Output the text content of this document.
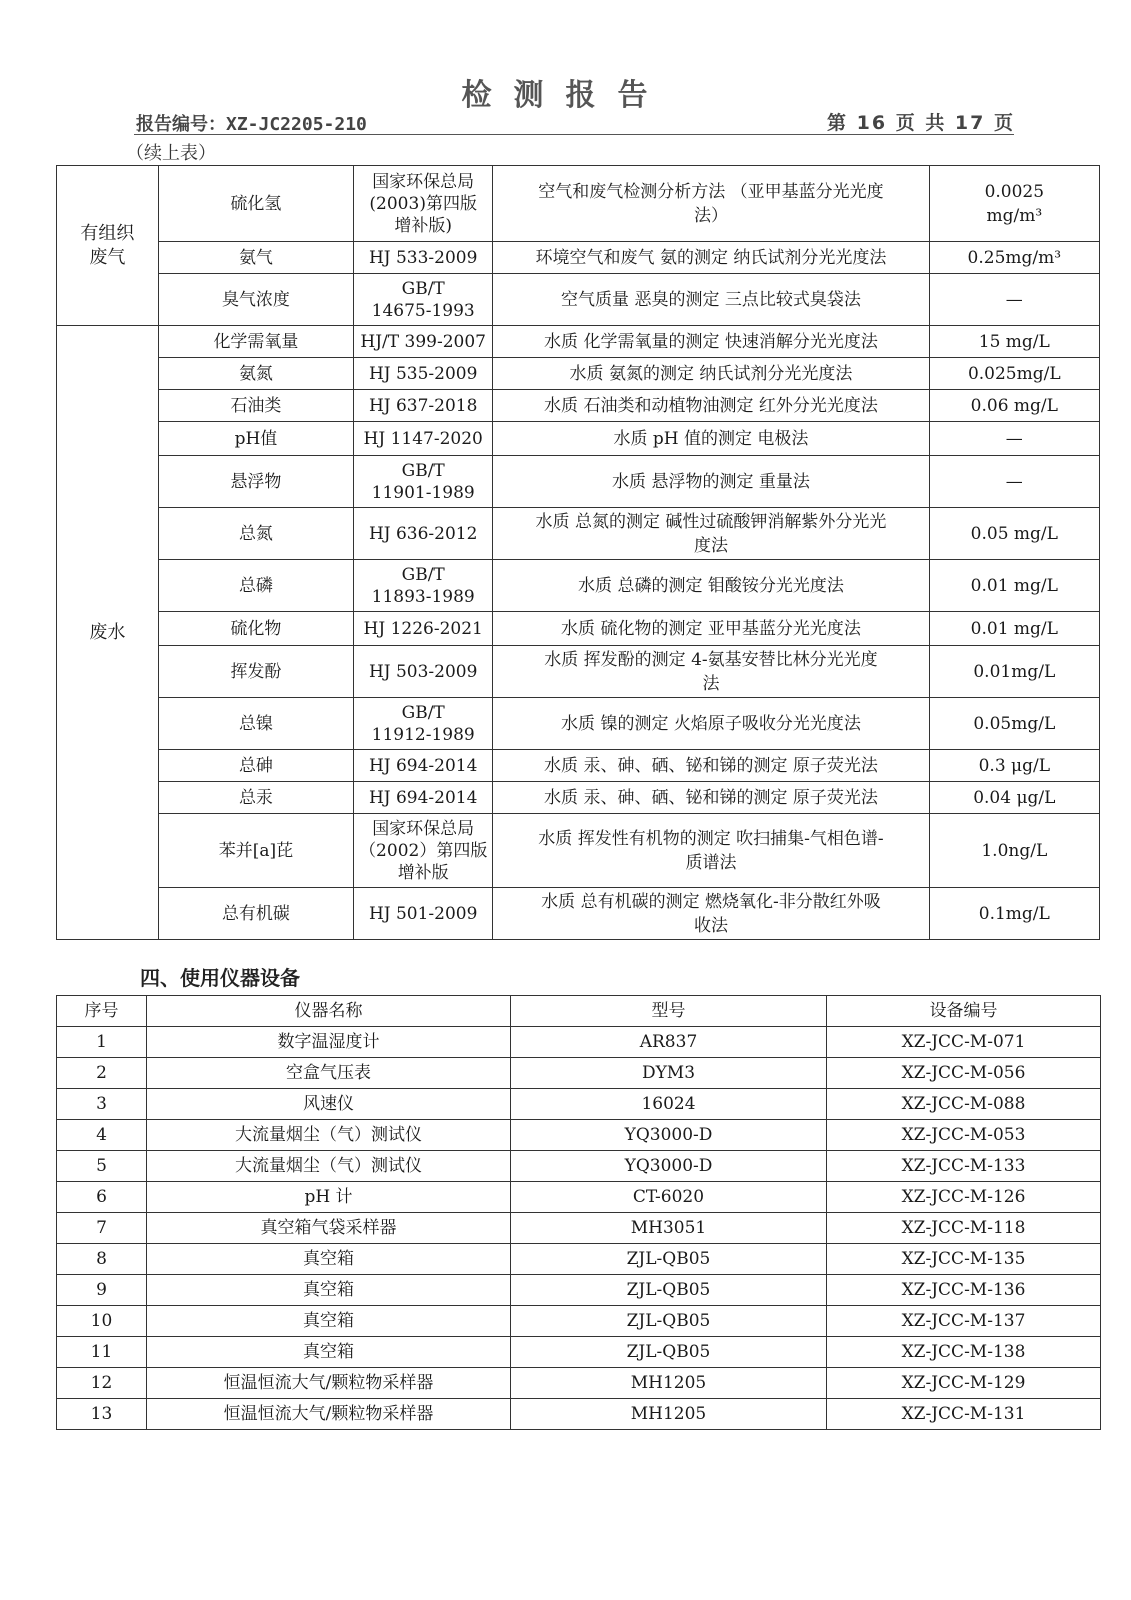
检测报告
报告编号：XZ-JC2205-210	第 16 页 共 17 页
（续上表）
有组织
废气	硫化氢	国家环保总局
(2003)第四版
增补版)	空气和废气检测分析方法 （亚甲基蓝分光光度
法）	0.0025
mg/m³
	氨气	HJ 533-2009	环境空气和废气 氨的测定 纳氏试剂分光光度法	0.25mg/m³
	臭气浓度	GB/T
14675-1993	空气质量 恶臭的测定 三点比较式臭袋法	—
废水	化学需氧量	HJ/T 399-2007	水质 化学需氧量的测定 快速消解分光光度法	15 mg/L
	氨氮	HJ 535-2009	水质 氨氮的测定 纳氏试剂分光光度法	0.025mg/L
	石油类	HJ 637-2018	水质 石油类和动植物油测定 红外分光光度法	0.06 mg/L
	pH值	HJ 1147-2020	水质 pH 值的测定 电极法	—
	悬浮物	GB/T
11901-1989	水质 悬浮物的测定 重量法	—
	总氮	HJ 636-2012	水质 总氮的测定 碱性过硫酸钾消解紫外分光光
度法	0.05 mg/L
	总磷	GB/T
11893-1989	水质 总磷的测定 钼酸铵分光光度法	0.01 mg/L
	硫化物	HJ 1226-2021	水质 硫化物的测定 亚甲基蓝分光光度法	0.01 mg/L
	挥发酚	HJ 503-2009	水质 挥发酚的测定 4-氨基安替比林分光光度
法	0.01mg/L
	总镍	GB/T
11912-1989	水质 镍的测定 火焰原子吸收分光光度法	0.05mg/L
	总砷	HJ 694-2014	水质 汞、砷、硒、铋和锑的测定 原子荧光法	0.3 μg/L
	总汞	HJ 694-2014	水质 汞、砷、硒、铋和锑的测定 原子荧光法	0.04 μg/L
	苯并[a]芘	国家环保总局
（2002）第四版
增补版	水质 挥发性有机物的测定 吹扫捕集-气相色谱-
质谱法	1.0ng/L
	总有机碳	HJ 501-2009	水质 总有机碳的测定 燃烧氧化-非分散红外吸
收法	0.1mg/L
四、使用仪器设备
序号	仪器名称	型号	设备编号
1	数字温湿度计	AR837	XZ-JCC-M-071
2	空盒气压表	DYM3	XZ-JCC-M-056
3	风速仪	16024	XZ-JCC-M-088
4	大流量烟尘（气）测试仪	YQ3000-D	XZ-JCC-M-053
5	大流量烟尘（气）测试仪	YQ3000-D	XZ-JCC-M-133
6	pH 计	CT-6020	XZ-JCC-M-126
7	真空箱气袋采样器	MH3051	XZ-JCC-M-118
8	真空箱	ZJL-QB05	XZ-JCC-M-135
9	真空箱	ZJL-QB05	XZ-JCC-M-136
10	真空箱	ZJL-QB05	XZ-JCC-M-137
11	真空箱	ZJL-QB05	XZ-JCC-M-138
12	恒温恒流大气/颗粒物采样器	MH1205	XZ-JCC-M-129
13	恒温恒流大气/颗粒物采样器	MH1205	XZ-JCC-M-131
